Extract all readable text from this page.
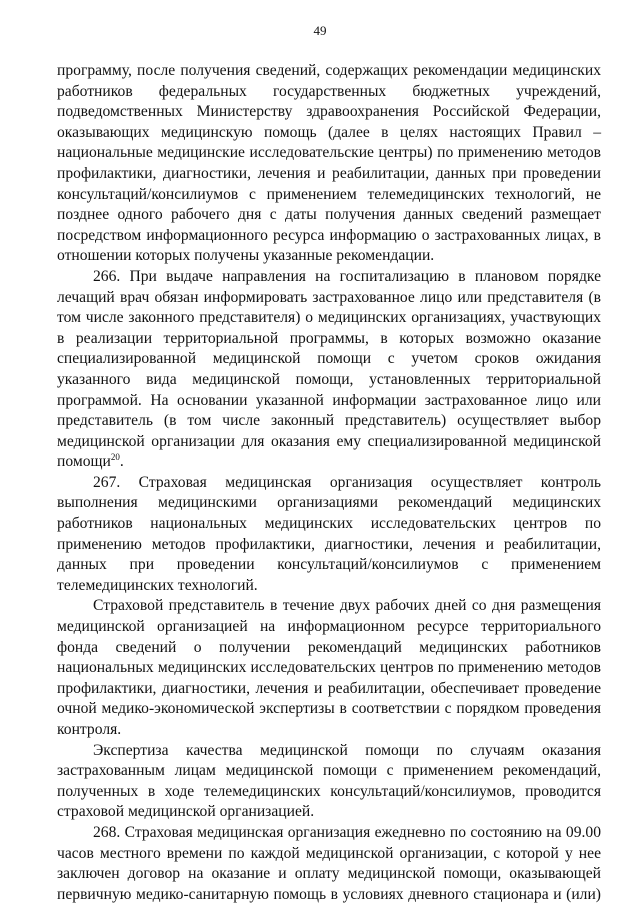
49

программу, после получения сведений, содержащих рекомендации медицинских работников федеральных государственных бюджетных учреждений, подведомственных Министерству здравоохранения Российской Федерации, оказывающих медицинскую помощь (далее в целях настоящих Правил – национальные медицинские исследовательские центры) по применению методов профилактики, диагностики, лечения и реабилитации, данных при проведении консультаций/консилиумов с применением телемедицинских технологий, не позднее одного рабочего дня с даты получения данных сведений размещает посредством информационного ресурса информацию о застрахованных лицах, в отношении которых получены указанные рекомендации.

266. При выдаче направления на госпитализацию в плановом порядке лечащий врач обязан информировать застрахованное лицо или представителя (в том числе законного представителя) о медицинских организациях, участвующих в реализации территориальной программы, в которых возможно оказание специализированной медицинской помощи с учетом сроков ожидания указанного вида медицинской помощи, установленных территориальной программой. На основании указанной информации застрахованное лицо или представитель (в том числе законный представитель) осуществляет выбор медицинской организации для оказания ему специализированной медицинской помощи$^{20}$.

267. Страховая медицинская организация осуществляет контроль выполнения медицинскими организациями рекомендаций медицинских работников национальных медицинских исследовательских центров по применению методов профилактики, диагностики, лечения и реабилитации, данных при проведении консультаций/консилиумов с применением телемедицинских технологий.

Страховой представитель в течение двух рабочих дней со дня размещения медицинской организацией на информационном ресурсе территориального фонда сведений о получении рекомендаций медицинских работников национальных медицинских исследовательских центров по применению методов профилактики, диагностики, лечения и реабилитации, обеспечивает проведение очной медико-экономической экспертизы в соответствии с порядком проведения контроля.

Экспертиза качества медицинской помощи по случаям оказания застрахованным лицам медицинской помощи с применением рекомендаций, полученных в ходе телемедицинских консультаций/консилиумов, проводится страховой медицинской организацией.

268. Страховая медицинская организация ежедневно по состоянию на 09.00 часов местного времени по каждой медицинской организации, с которой у нее заключен договор на оказание и оплату медицинской помощи, оказывающей первичную медико-санитарную помощь в условиях дневного стационара и (или)
